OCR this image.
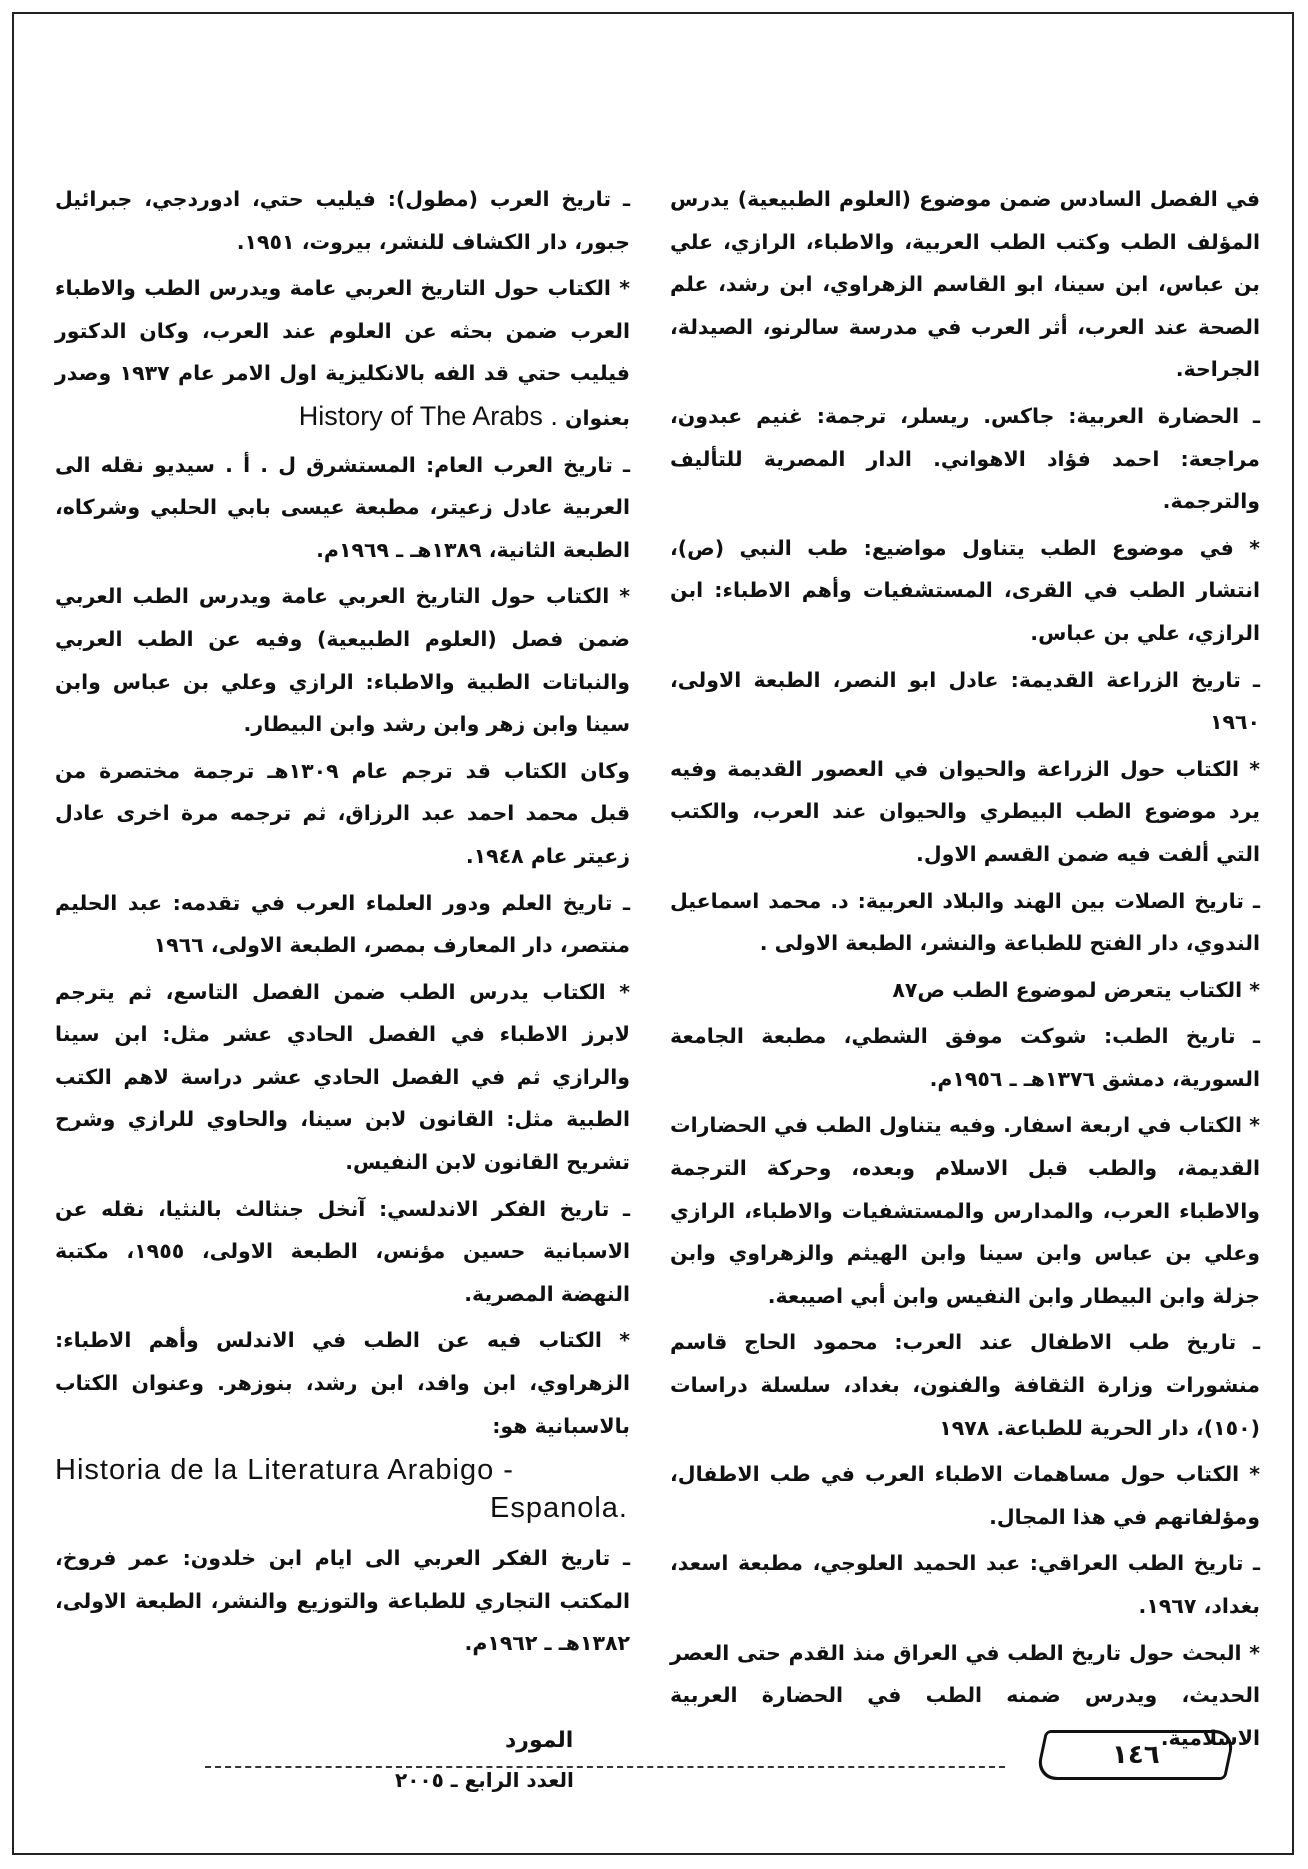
في الفصل السادس ضمن موضوع (العلوم الطبيعية) يدرس المؤلف الطب وكتب الطب العربية، والاطباء، الرازي، علي بن عباس، ابن سينا، ابو القاسم الزهراوي، ابن رشد، علم الصحة عند العرب، أثر العرب في مدرسة سالرنو، الصيدلة، الجراحة.

ـ الحضارة العربية: جاكس. ريسلر، ترجمة: غنيم عبدون، مراجعة: احمد فؤاد الاهواني. الدار المصرية للتأليف والترجمة.

* في موضوع الطب يتناول مواضيع: طب النبي (ص)، انتشار الطب في القرى، المستشفيات وأهم الاطباء: ابن الرازي، علي بن عباس.

ـ تاريخ الزراعة القديمة: عادل ابو النصر، الطبعة الاولى، ١٩٦٠

* الكتاب حول الزراعة والحيوان في العصور القديمة وفيه يرد موضوع الطب البيطري والحيوان عند العرب، والكتب التي ألفت فيه ضمن القسم الاول.

ـ تاريخ الصلات بين الهند والبلاد العربية: د. محمد اسماعيل الندوي، دار الفتح للطباعة والنشر، الطبعة الاولى .

* الكتاب يتعرض لموضوع الطب ص٨٧

ـ تاريخ الطب: شوكت موفق الشطي، مطبعة الجامعة السورية، دمشق ١٣٧٦هـ ـ ١٩٥٦م.

* الكتاب في اربعة اسفار. وفيه يتناول الطب في الحضارات القديمة، والطب قبل الاسلام وبعده، وحركة الترجمة والاطباء العرب، والمدارس والمستشفيات والاطباء، الرازي وعلي بن عباس وابن سينا وابن الهيثم والزهراوي وابن جزلة وابن البيطار وابن النفيس وابن أبي اصيبعة.

ـ تاريخ طب الاطفال عند العرب: محمود الحاج قاسم منشورات وزارة الثقافة والفنون، بغداد، سلسلة دراسات (١٥٠)، دار الحرية للطباعة. ١٩٧٨

* الكتاب حول مساهمات الاطباء العرب في طب الاطفال، ومؤلفاتهم في هذا المجال.

ـ تاريخ الطب العراقي: عبد الحميد العلوجي، مطبعة اسعد، بغداد، ١٩٦٧.

* البحث حول تاريخ الطب في العراق منذ القدم حتى العصر الحديث، ويدرس ضمنه الطب في الحضارة العربية الاسلامية.

ـ تاريخ العرب (مطول): فيليب حتي، ادوردجي، جبرائيل جبور، دار الكشاف للنشر، بيروت، ١٩٥١.

* الكتاب حول التاريخ العربي عامة ويدرس الطب والاطباء العرب ضمن بحثه عن العلوم عند العرب، وكان الدكتور فيليب حتي قد الفه بالانكليزية اول الامر عام ١٩٣٧ وصدر بعنوان History of The Arabs .

ـ تاريخ العرب العام: المستشرق ل . أ . سيديو نقله الى العربية عادل زعيتر، مطبعة عيسى بابي الحلبي وشركاه، الطبعة الثانية، ١٣٨٩هـ ـ ١٩٦٩م.

* الكتاب حول التاريخ العربي عامة ويدرس الطب العربي ضمن فصل (العلوم الطبيعية) وفيه عن الطب العربي والنباتات الطبية والاطباء: الرازي وعلي بن عباس وابن سينا وابن زهر وابن رشد وابن البيطار.

وكان الكتاب قد ترجم عام ١٣٠٩هـ ترجمة مختصرة من قبل محمد احمد عبد الرزاق، ثم ترجمه مرة اخرى عادل زعيتر عام ١٩٤٨.

ـ تاريخ العلم ودور العلماء العرب في تقدمه: عبد الحليم منتصر، دار المعارف بمصر، الطبعة الاولى، ١٩٦٦

* الكتاب يدرس الطب ضمن الفصل التاسع، ثم يترجم لابرز الاطباء في الفصل الحادي عشر مثل: ابن سينا والرازي ثم في الفصل الحادي عشر دراسة لاهم الكتب الطبية مثل: القانون لابن سينا، والحاوي للرازي وشرح تشريح القانون لابن النفيس.

ـ تاريخ الفكر الاندلسي: آنخل جنثالث بالنثيا، نقله عن الاسبانية حسين مؤنس، الطبعة الاولى، ١٩٥٥، مكتبة النهضة المصرية.

* الكتاب فيه عن الطب في الاندلس وأهم الاطباء: الزهراوي، ابن وافد، ابن رشد، بنوزهر. وعنوان الكتاب بالاسبانية هو:

Historia de la Literatura Arabigo -
Espanola.

ـ تاريخ الفكر العربي الى ايام ابن خلدون: عمر فروخ، المكتب التجاري للطباعة والتوزيع والنشر، الطبعة الاولى، ١٣٨٢هـ ـ ١٩٦٢م.

المورد
العدد الرابع ـ ٢٠٠٥
١٤٦
